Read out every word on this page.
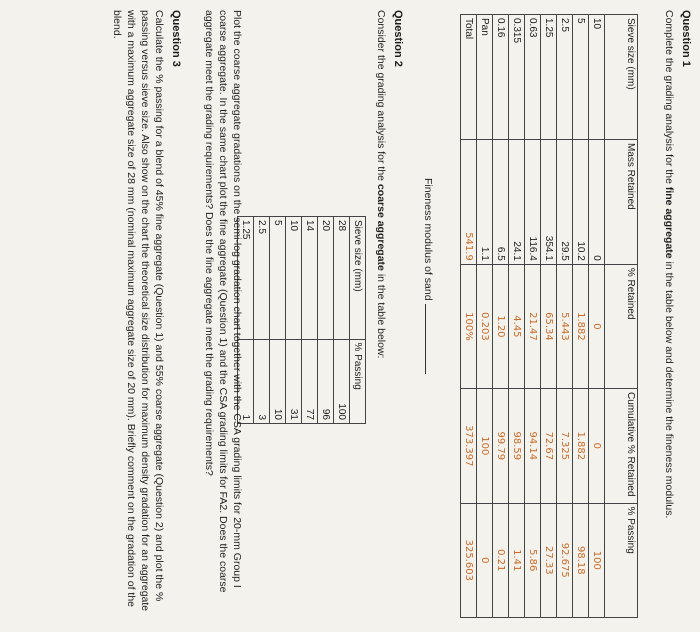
Question 1
Complete the grading analysis for the fine aggregate in the table below and determine the fineness modulus.
Sieve size (mm)	Mass Retained	% Retained	Cumulative % Retained	% Passing
10	0	0	0	100
5	10.2	1.882	1.882	98.18
2.5	29.5	5.443	7.325	92.675
1.25	354.1	65.34	72.67	27.33
0.63	116.4	21.47	94.14	5.86
0.315	24.1	4.45	98.59	1.41
0.16	6.5	1.20	99.79	0.21
Pan	1.1	0.203	100	0
Total	541.9	100%	373.397	325.603
Fineness modulus of sand
Question 2
Consider the grading analysis for the coarse aggregate in the table below:
Sieve size (mm)	% Passing
28	100
20	96
14	77
10	31
5	10
2.5	3
1.25	1
Plot the coarse aggregate gradations on the semi-log gradation chart together with the CSA grading limits for 20-mm Group I coarse aggregate. In the same chart plot the fine aggregate (Question 1) and the CSA grading limits for FA2. Does the coarse aggregate meet the grading requirements? Does the fine aggregate meet the grading requirements?
Question 3
Calculate the % passing for a blend of 45% fine aggregate (Question 1) and 55% coarse aggregate (Question 2) and plot the % passing versus sieve size. Also show on the chart the theoretical size distribution for maximum density gradation for an aggregate with a maximum aggregate size of 28 mm (nominal maximum aggregate size of 20 mm). Briefly comment on the gradation of the blend.
